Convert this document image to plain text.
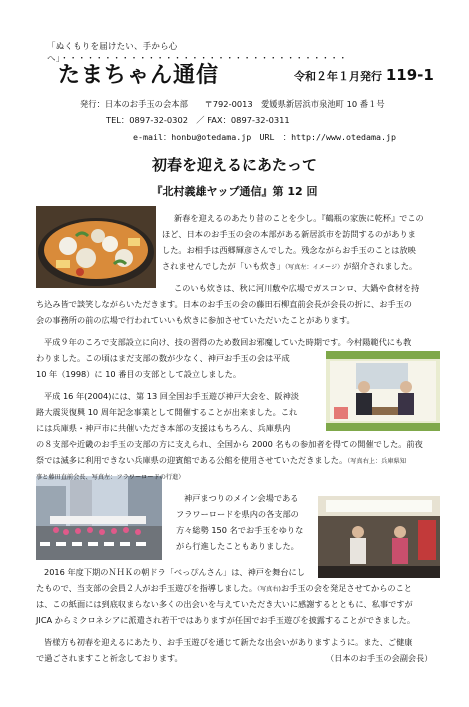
「ぬくもりを届けたい、手から心へ」・・・・・・・・・・・・・・・・・・・・・・・・・・・・・・・・・
たまちゃん通信	令和２年１月発行 119-1
発行：日本のお手玉の会本部　　〒792-0013　愛媛県新居浜市泉池町 10 番１号
TEL：0897-32-0302　／ FAX：0897-32-0311
e-mail：honbu@otedama.jp　URL　：http://www.otedama.jp
初春を迎えるにあたって
『北村義雄ヤップ通信』第 12 回
新春を迎えるのあたり昔のことを少し。『鶴瓶の家族に乾杯』でこの
ほど、日本のお手玉の会の本部がある新居浜市を訪問するのがありま
した。お相手は西郷輝彦さんでした。残念ながらお手玉のことは放映
されませんでしたが「いも炊き」（写真左：イメージ）が紹介されました。
このいも炊きは、秋に河川敷や広場でガスコンロ、大鍋や食材を持
ち込み皆で談笑しながらいただきます。日本のお手玉の会の藤田石柳直前会長が会長の折に、お手玉の
会の事務所の前の広場で行われていいも炊きに参加させていただいたことがあります。
平成９年のころで支部設立に向け、技の習得のため数回お邪魔していた時期です。今村陽範代にも教
わりました。この頃はまだ支部の数が少なく、神戸お手玉の会は平成
10 年（1998）に 10 番目の支部として設立しました。
平成 16 年(2004)には、第 13 回全国お手玉遊び神戸大会を、阪神淡
路大震災復興 10 周年記念事業として開催することが出来ました。これ
には兵庫県・神戸市に共催いただき本部の支援はもちろん、兵庫県内
の８支部や近畿のお手玉の支部の方に支えられ、全国から 2000 名もの参加者を得ての開催でした。前夜
祭では滅多に利用できない兵庫県の迎賓館である公館を使用させていただきました。（写真右上：兵庫県知
事と藤田直前会長、写真左：フラワーロードの行進）
神戸まつりのメイン会場である
フラワーロードを県内の各支部の
方々総勢 150 名でお手玉をゆりな
がら行進したこともありました。
2016 年度下期のＮＨＫの朝ドラ「べっぴんさん」は、神戸を舞台にし
たもので、当支部の会員２人がお手玉遊びを指導しました。（写真右)お手玉の会を発足させてからのこと
は、この紙面には到底収まらない多くの出会いを与えていただき大いに感謝するとともに、私事ですが
JICA からミクロネシアに派遣され若干ではありますが任国でお手玉遊びを披露することができました。
皆様方も初春を迎えるにあたり、お手玉遊びを通じて新たな出会いがありますように。また、ご健康
で過ごされますこと祈念しております。	（日本のお手玉の会副会長）
